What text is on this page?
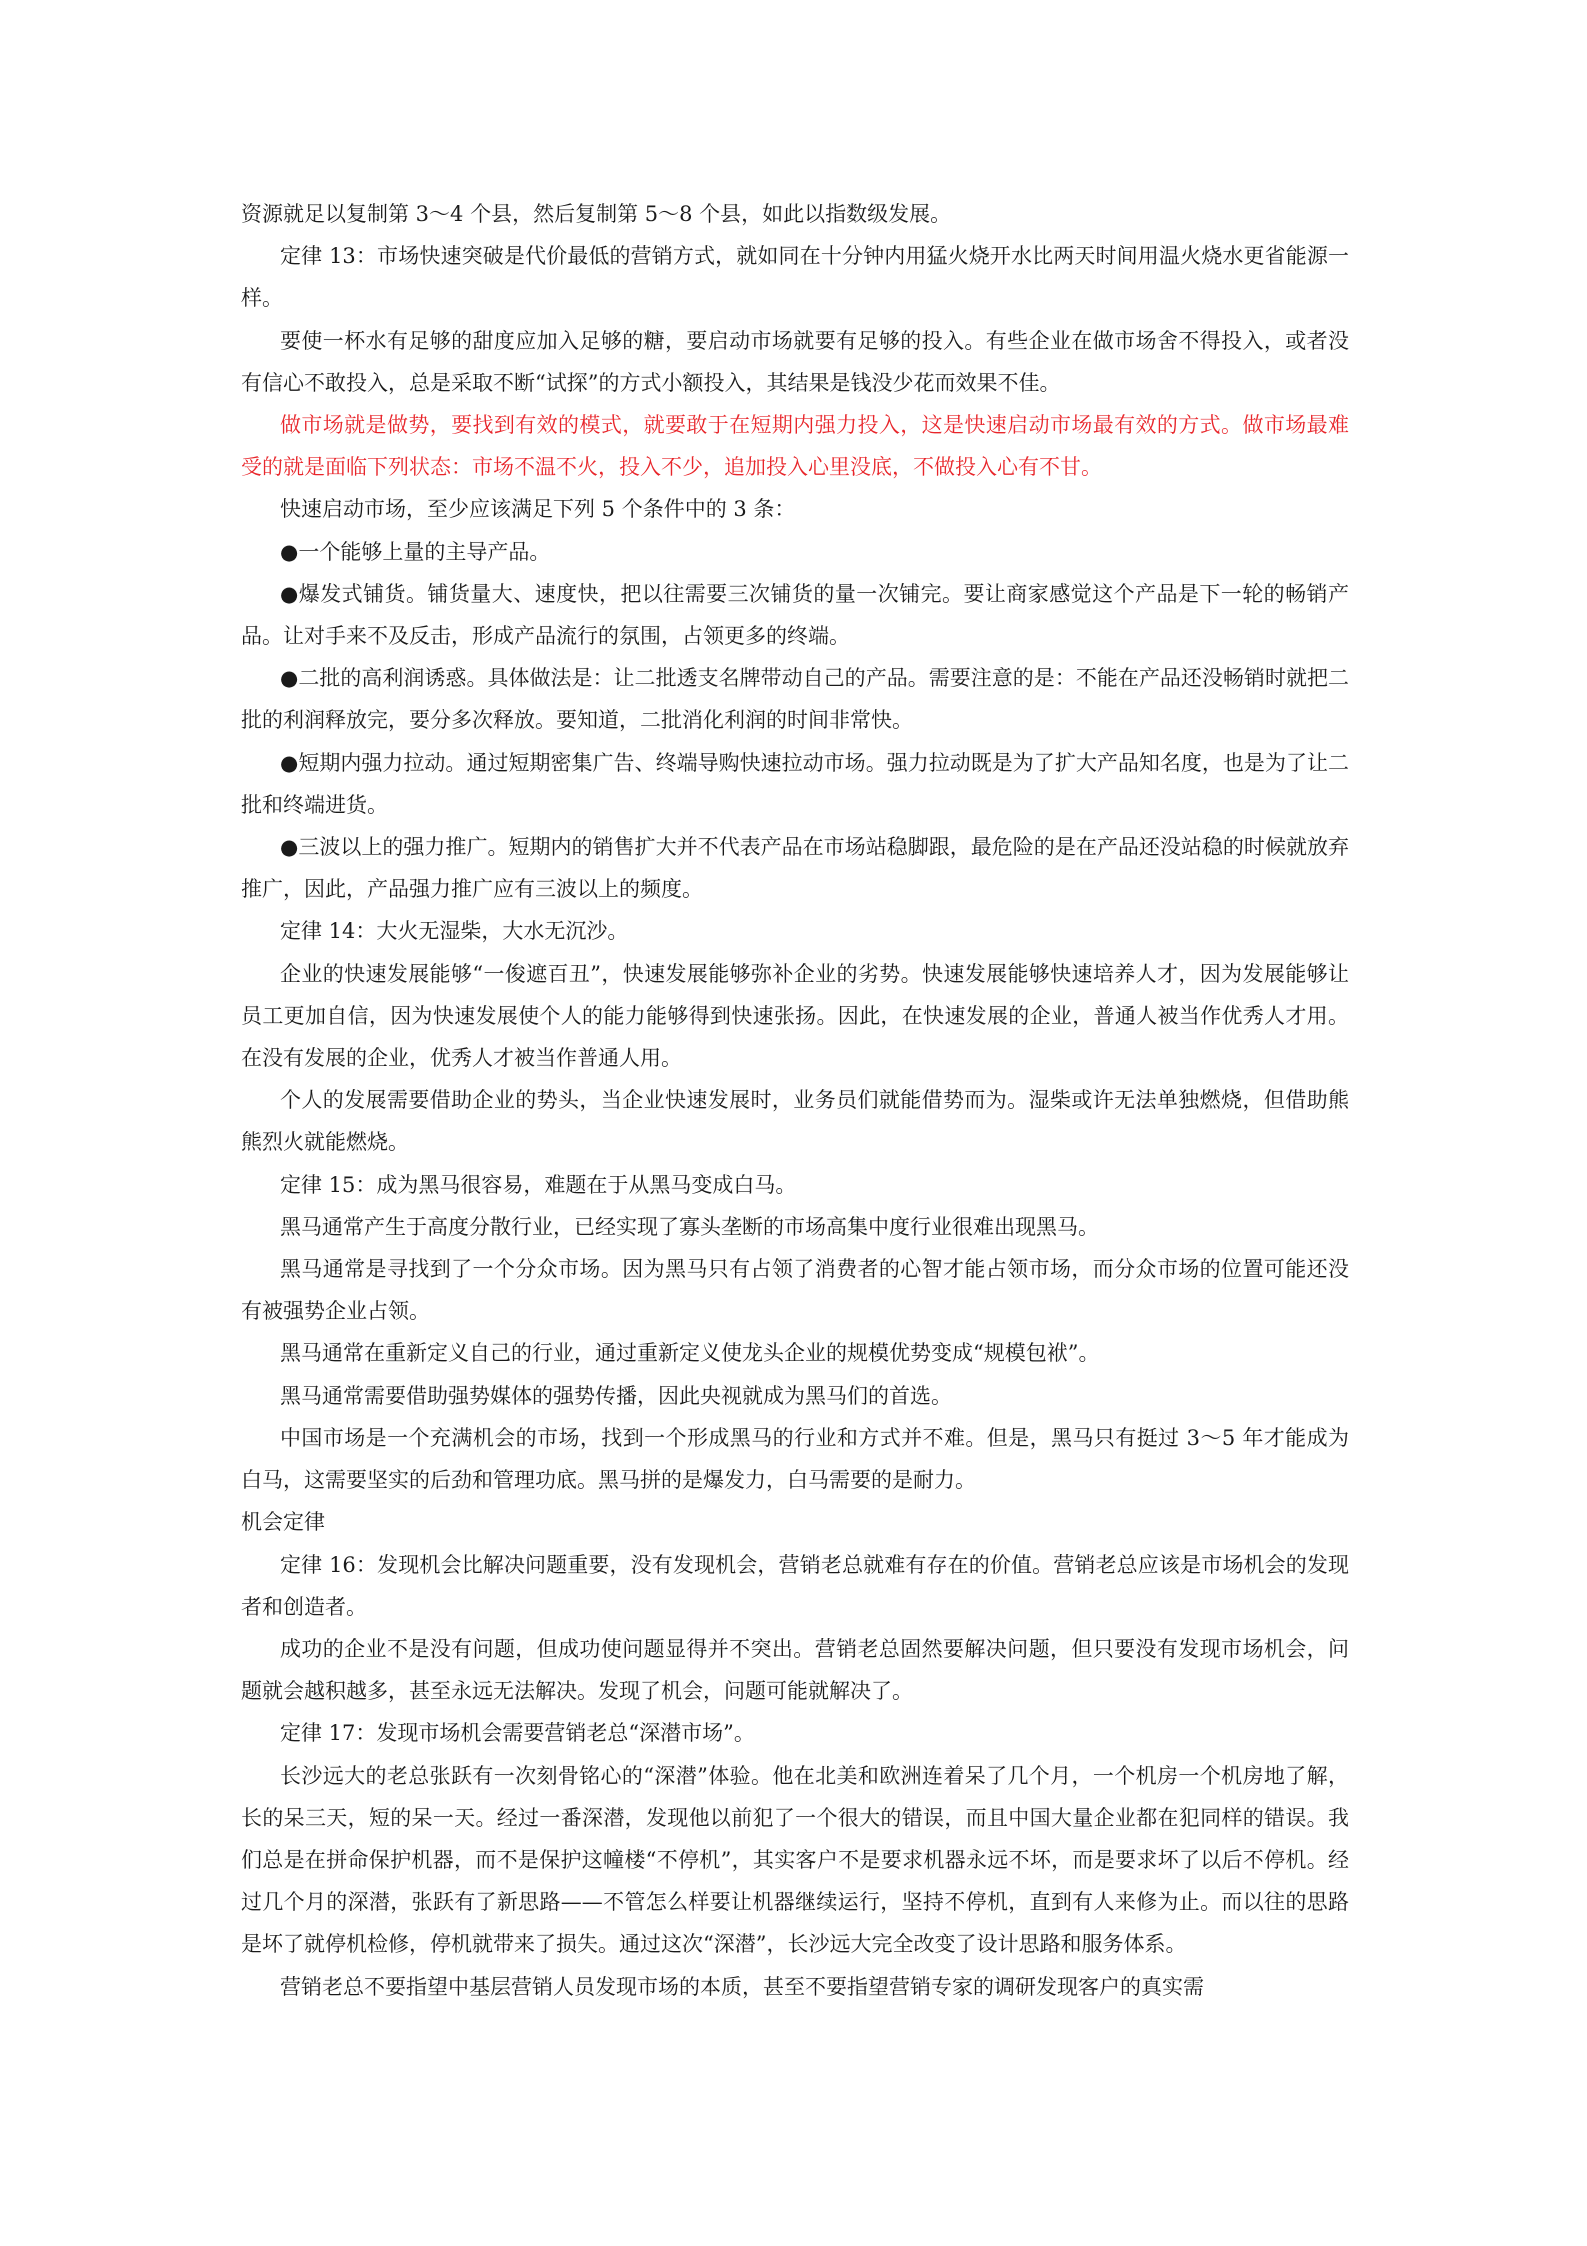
资源就足以复制第 3～4 个县，然后复制第 5～8 个县，如此以指数级发展。

定律 13：市场快速突破是代价最低的营销方式，就如同在十分钟内用猛火烧开水比两天时间用温火烧水更省能源一样。

要使一杯水有足够的甜度应加入足够的糖，要启动市场就要有足够的投入。有些企业在做市场舍不得投入，或者没有信心不敢投入，总是采取不断“试探”的方式小额投入，其结果是钱没少花而效果不佳。

做市场就是做势，要找到有效的模式，就要敢于在短期内强力投入，这是快速启动市场最有效的方式。做市场最难受的就是面临下列状态：市场不温不火，投入不少，追加投入心里没底，不做投入心有不甘。

快速启动市场，至少应该满足下列 5 个条件中的 3 条：

●一个能够上量的主导产品。

●爆发式铺货。铺货量大、速度快，把以往需要三次铺货的量一次铺完。要让商家感觉这个产品是下一轮的畅销产品。让对手来不及反击，形成产品流行的氛围，占领更多的终端。

●二批的高利润诱惑。具体做法是：让二批透支名牌带动自己的产品。需要注意的是：不能在产品还没畅销时就把二批的利润释放完，要分多次释放。要知道，二批消化利润的时间非常快。

●短期内强力拉动。通过短期密集广告、终端导购快速拉动市场。强力拉动既是为了扩大产品知名度，也是为了让二批和终端进货。

●三波以上的强力推广。短期内的销售扩大并不代表产品在市场站稳脚跟，最危险的是在产品还没站稳的时候就放弃推广，因此，产品强力推广应有三波以上的频度。

定律 14：大火无湿柴，大水无沉沙。

企业的快速发展能够“一俊遮百丑”，快速发展能够弥补企业的劣势。快速发展能够快速培养人才，因为发展能够让员工更加自信，因为快速发展使个人的能力能够得到快速张扬。因此，在快速发展的企业，普通人被当作优秀人才用。在没有发展的企业，优秀人才被当作普通人用。

个人的发展需要借助企业的势头，当企业快速发展时，业务员们就能借势而为。湿柴或许无法单独燃烧，但借助熊熊烈火就能燃烧。

定律 15：成为黑马很容易，难题在于从黑马变成白马。

黑马通常产生于高度分散行业，已经实现了寡头垄断的市场高集中度行业很难出现黑马。

黑马通常是寻找到了一个分众市场。因为黑马只有占领了消费者的心智才能占领市场，而分众市场的位置可能还没有被强势企业占领。

黑马通常在重新定义自己的行业，通过重新定义使龙头企业的规模优势变成“规模包袱”。

黑马通常需要借助强势媒体的强势传播，因此央视就成为黑马们的首选。

中国市场是一个充满机会的市场，找到一个形成黑马的行业和方式并不难。但是，黑马只有挺过 3～5 年才能成为白马，这需要坚实的后劲和管理功底。黑马拼的是爆发力，白马需要的是耐力。

机会定律

定律 16：发现机会比解决问题重要，没有发现机会，营销老总就难有存在的价值。营销老总应该是市场机会的发现者和创造者。

成功的企业不是没有问题，但成功使问题显得并不突出。营销老总固然要解决问题，但只要没有发现市场机会，问题就会越积越多，甚至永远无法解决。发现了机会，问题可能就解决了。

定律 17：发现市场机会需要营销老总“深潜市场”。

长沙远大的老总张跃有一次刻骨铭心的“深潜”体验。他在北美和欧洲连着呆了几个月，一个机房一个机房地了解，长的呆三天，短的呆一天。经过一番深潜，发现他以前犯了一个很大的错误，而且中国大量企业都在犯同样的错误。我们总是在拼命保护机器，而不是保护这幢楼“不停机”，其实客户不是要求机器永远不坏，而是要求坏了以后不停机。经过几个月的深潜，张跃有了新思路——不管怎么样要让机器继续运行，坚持不停机，直到有人来修为止。而以往的思路是坏了就停机检修，停机就带来了损失。通过这次“深潜”，长沙远大完全改变了设计思路和服务体系。

营销老总不要指望中基层营销人员发现市场的本质，甚至不要指望营销专家的调研发现客户的真实需
